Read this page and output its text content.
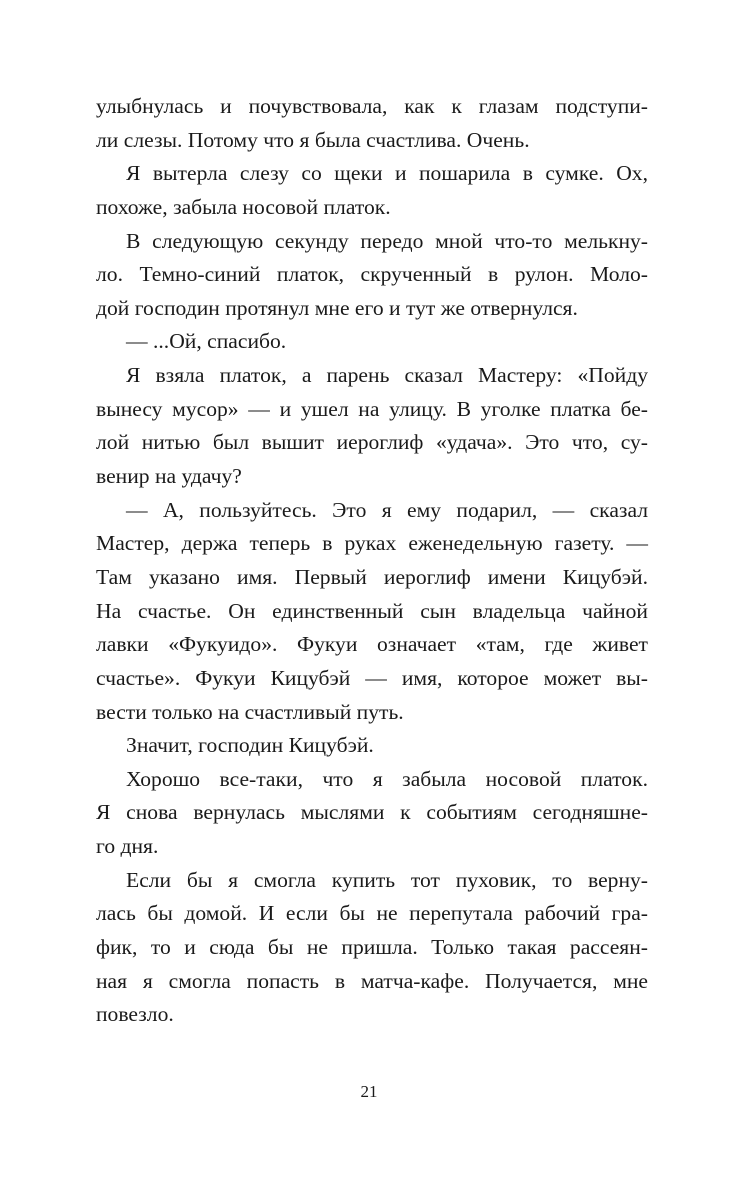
улыбнулась и почувствовала, как к глазам подступи-
ли слезы. Потому что я была счастлива. Очень.
Я вытерла слезу со щеки и пошарила в сумке. Ох,
похоже, забыла носовой платок.
В следующую секунду передо мной что-то мелькну-
ло. Темно-синий платок, скрученный в рулон. Моло-
дой господин протянул мне его и тут же отвернулся.
— ...Ой, спасибо.
Я взяла платок, а парень сказал Мастеру: «Пойду
вынесу мусор» — и ушел на улицу. В уголке платка бе-
лой нитью был вышит иероглиф «удача». Это что, су-
венир на удачу?
— А, пользуйтесь. Это я ему подарил, — сказал
Мастер, держа теперь в руках еженедельную газету. —
Там указано имя. Первый иероглиф имени Кицубэй.
На счастье. Он единственный сын владельца чайной
лавки «Фукуидо». Фукуи означает «там, где живет
счастье». Фукуи Кицубэй — имя, которое может вы-
вести только на счастливый путь.
Значит, господин Кицубэй.
Хорошо все-таки, что я забыла носовой платок.
Я снова вернулась мыслями к событиям сегодняшне-
го дня.
Если бы я смогла купить тот пуховик, то верну-
лась бы домой. И если бы не перепутала рабочий гра-
фик, то и сюда бы не пришла. Только такая рассеян-
ная я смогла попасть в матча-кафе. Получается, мне
повезло.
21
